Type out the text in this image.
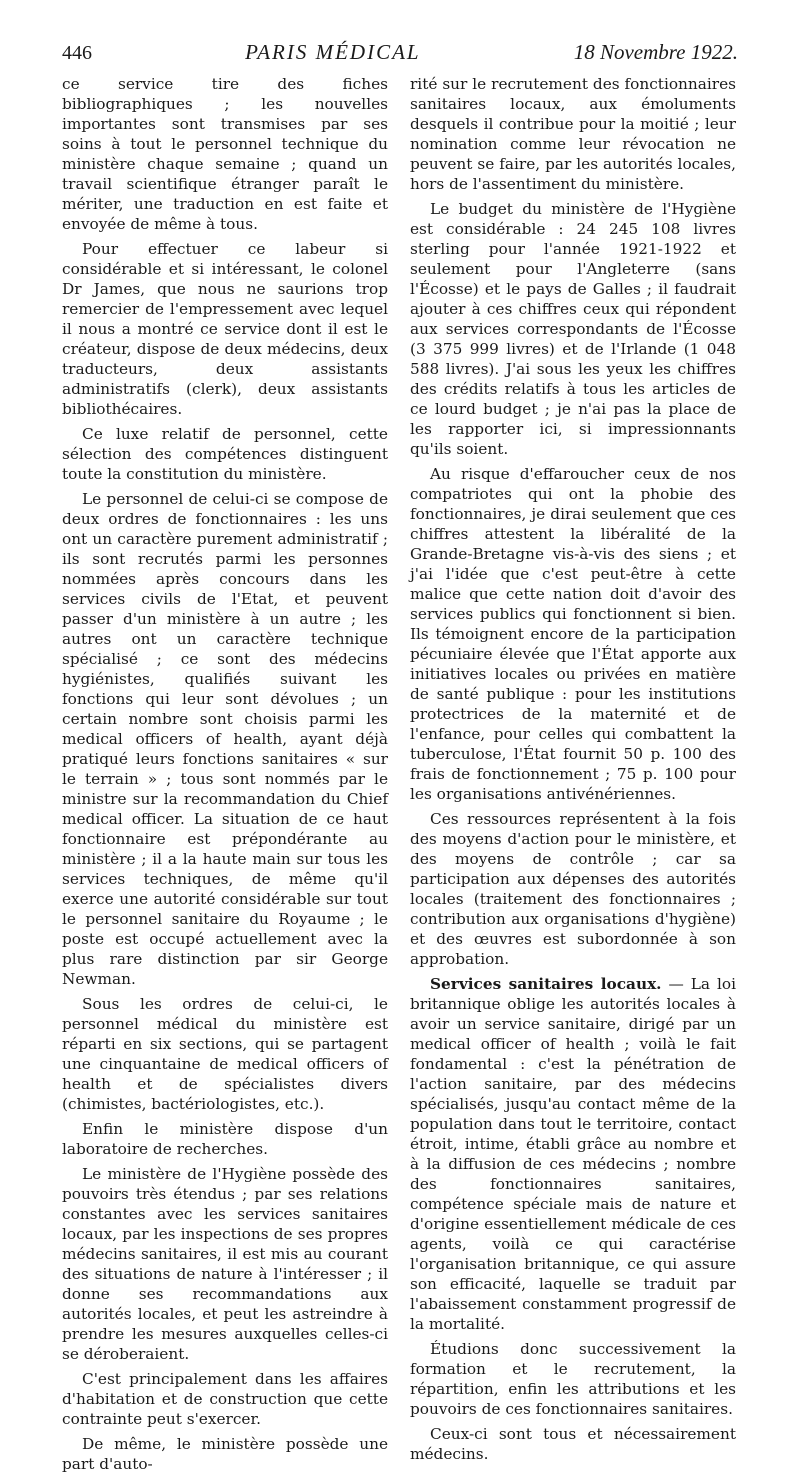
446	PARIS MÉDICAL	18 Novembre 1922.

ce service tire des fiches bibliographiques ; les nouvelles importantes sont transmises par ses soins à tout le personnel technique du ministère chaque semaine ; quand un travail scientifique étranger paraît le mériter, une traduction en est faite et envoyée de même à tous.

Pour effectuer ce labeur si considérable et si intéressant, le colonel Dr James, que nous ne saurions trop remercier de l'empressement avec lequel il nous a montré ce service dont il est le créateur, dispose de deux médecins, deux traducteurs, deux assistants administratifs (clerk), deux assistants bibliothécaires.

Ce luxe relatif de personnel, cette sélection des compétences distinguent toute la constitution du ministère.

Le personnel de celui-ci se compose de deux ordres de fonctionnaires : les uns ont un caractère purement administratif ; ils sont recrutés parmi les personnes nommées après concours dans les services civils de l'Etat, et peuvent passer d'un ministère à un autre ; les autres ont un caractère technique spécialisé ; ce sont des médecins hygiénistes, qualifiés suivant les fonctions qui leur sont dévolues ; un certain nombre sont choisis parmi les medical officers of health, ayant déjà pratiqué leurs fonctions sanitaires « sur le terrain » ; tous sont nommés par le ministre sur la recommandation du Chief medical officer. La situation de ce haut fonctionnaire est prépondérante au ministère ; il a la haute main sur tous les services techniques, de même qu'il exerce une autorité considérable sur tout le personnel sanitaire du Royaume ; le poste est occupé actuellement avec la plus rare distinction par sir George Newman.

Sous les ordres de celui-ci, le personnel médical du ministère est réparti en six sections, qui se partagent une cinquantaine de medical officers of health et de spécialistes divers (chimistes, bactériologistes, etc.).

Enfin le ministère dispose d'un laboratoire de recherches.

Le ministère de l'Hygiène possède des pouvoirs très étendus ; par ses relations constantes avec les services sanitaires locaux, par les inspections de ses propres médecins sanitaires, il est mis au courant des situations de nature à l'intéresser ; il donne ses recommandations aux autorités locales, et peut les astreindre à prendre les mesures auxquelles celles-ci se déroberaient.

C'est principalement dans les affaires d'habitation et de construction que cette contrainte peut s'exercer.

De même, le ministère possède une part d'auto-

rité sur le recrutement des fonctionnaires sanitaires locaux, aux émoluments desquels il contribue pour la moitié ; leur nomination comme leur révocation ne peuvent se faire, par les autorités locales, hors de l'assentiment du ministère.

Le budget du ministère de l'Hygiène est considérable : 24 245 108 livres sterling pour l'année 1921-1922 et seulement pour l'Angleterre (sans l'Écosse) et le pays de Galles ; il faudrait ajouter à ces chiffres ceux qui répondent aux services correspondants de l'Écosse (3 375 999 livres) et de l'Irlande (1 048 588 livres). J'ai sous les yeux les chiffres des crédits relatifs à tous les articles de ce lourd budget ; je n'ai pas la place de les rapporter ici, si impressionnants qu'ils soient.

Au risque d'effaroucher ceux de nos compatriotes qui ont la phobie des fonctionnaires, je dirai seulement que ces chiffres attestent la libéralité de la Grande-Bretagne vis-à-vis des siens ; et j'ai l'idée que c'est peut-être à cette malice que cette nation doit d'avoir des services publics qui fonctionnent si bien. Ils témoignent encore de la participation pécuniaire élevée que l'État apporte aux initiatives locales ou privées en matière de santé publique : pour les institutions protectrices de la maternité et de l'enfance, pour celles qui combattent la tuberculose, l'État fournit 50 p. 100 des frais de fonctionnement ; 75 p. 100 pour les organisations antivénériennes.

Ces ressources représentent à la fois des moyens d'action pour le ministère, et des moyens de contrôle ; car sa participation aux dépenses des autorités locales (traitement des fonctionnaires ; contribution aux organisations d'hygiène) et des œuvres est subordonnée à son approbation.

Services sanitaires locaux. — La loi britannique oblige les autorités locales à avoir un service sanitaire, dirigé par un medical officer of health ; voilà le fait fondamental : c'est la pénétration de l'action sanitaire, par des médecins spécialisés, jusqu'au contact même de la population dans tout le territoire, contact étroit, intime, établi grâce au nombre et à la diffusion de ces médecins ; nombre des fonctionnaires sanitaires, compétence spéciale mais de nature et d'origine essentiellement médicale de ces agents, voilà ce qui caractérise l'organisation britannique, ce qui assure son efficacité, laquelle se traduit par l'abaissement constamment progressif de la mortalité.

Étudions donc successivement la formation et le recrutement, la répartition, enfin les attributions et les pouvoirs de ces fonctionnaires sanitaires.

Ceux-ci sont tous et nécessairement médecins.
